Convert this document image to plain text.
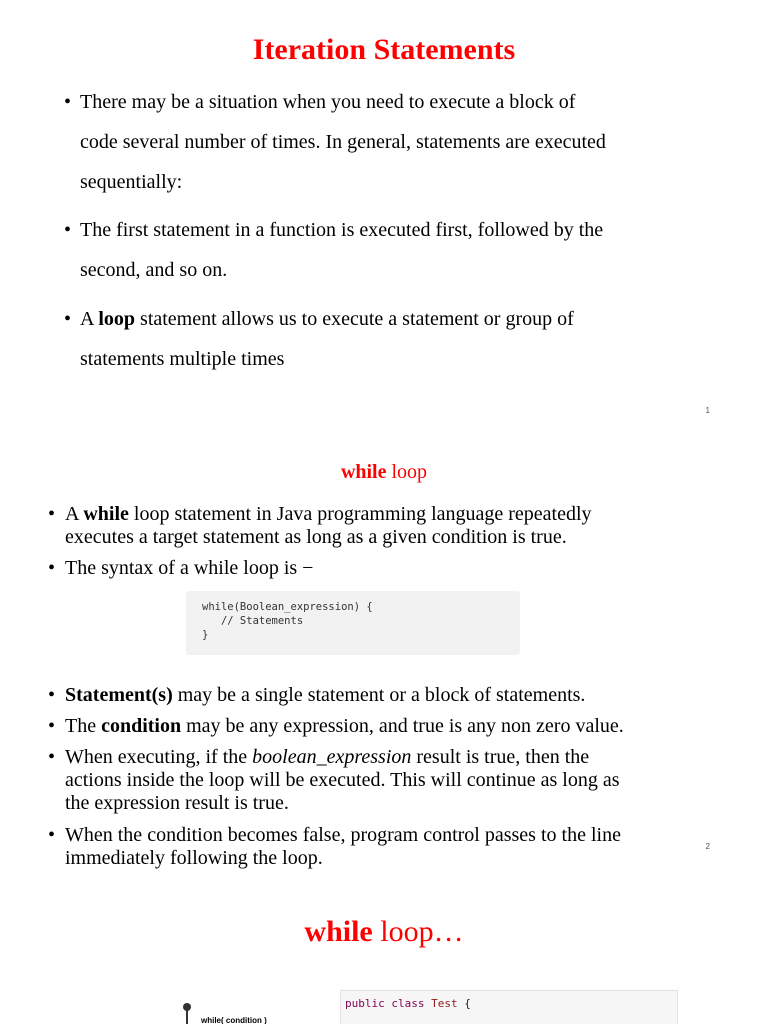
Iteration Statements
• There may be a situation when you need to execute a block of
code several number of times. In general, statements are executed
sequentially:
• The first statement in a function is executed first, followed by the
second, and so on.
• A loop statement allows us to execute a statement or group of
statements multiple times
1
while loop
• A while loop statement in Java programming language repeatedly
executes a target statement as long as a given condition is true.
• The syntax of a while loop is −
while(Boolean_expression) {
// Statements
}
• Statement(s) may be a single statement or a block of statements.
• The condition may be any expression, and true is any non zero value.
• When executing, if the boolean_expression result is true, then the
actions inside the loop will be executed. This will continue as long as
the expression result is true.
• When the condition becomes false, program control passes to the line
immediately following the loop.
2
while loop…
while( condition )
public class Test {
